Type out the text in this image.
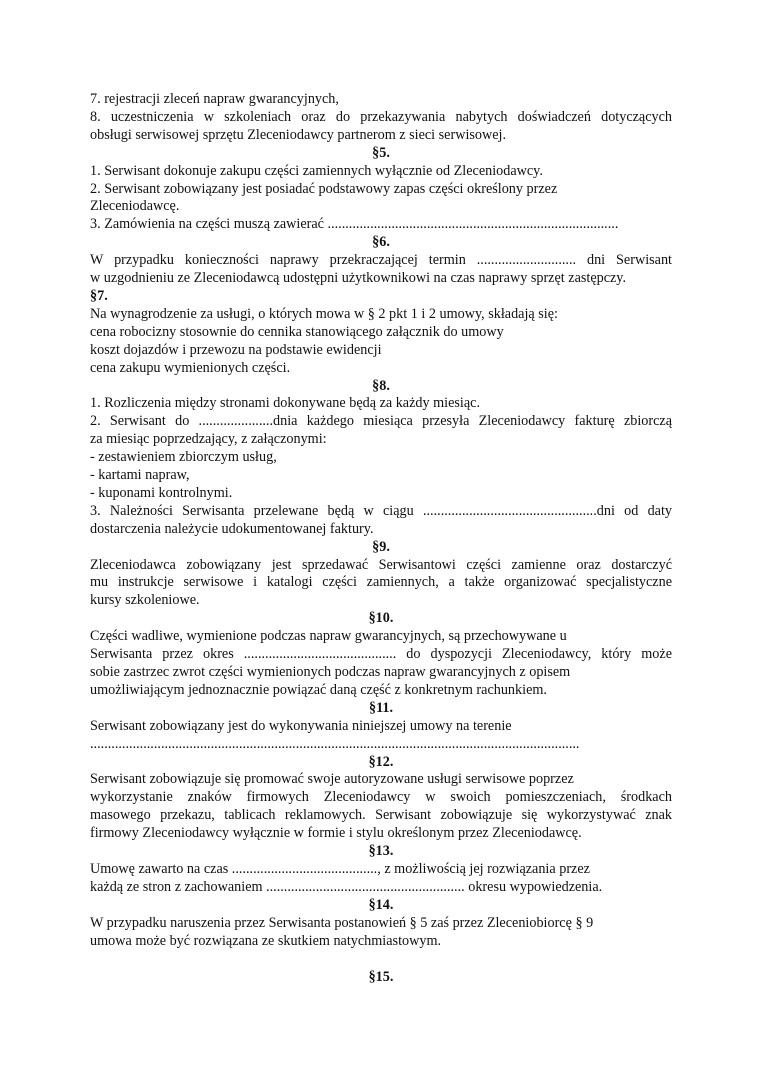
7. rejestracji zleceń napraw gwarancyjnych,
8. uczestniczenia w szkoleniach oraz do przekazywania nabytych doświadczeń dotyczących
obsługi serwisowej sprzętu Zleceniodawcy partnerom z sieci serwisowej.
§5.
1. Serwisant dokonuje zakupu części zamiennych wyłącznie od Zleceniodawcy.
2. Serwisant zobowiązany jest posiadać podstawowy zapas części określony przez
Zleceniodawcę.
3. Zamówienia na części muszą zawierać ..................................................................................
§6.
W przypadku konieczności naprawy przekraczającej termin ............................ dni Serwisant
w uzgodnieniu ze Zleceniodawcą udostępni użytkownikowi na czas naprawy sprzęt zastępczy.
§7.
Na wynagrodzenie za usługi, o których mowa w § 2 pkt 1 i 2 umowy, składają się:
cena robocizny stosownie do cennika stanowiącego załącznik do umowy
koszt dojazdów i przewozu na podstawie ewidencji
cena zakupu wymienionych części.
§8.
1. Rozliczenia między stronami dokonywane będą za każdy miesiąc.
2. Serwisant do .....................dnia każdego miesiąca przesyła Zleceniodawcy fakturę zbiorczą
za miesiąc poprzedzający, z załączonymi:
- zestawieniem zbiorczym usług,
- kartami napraw,
- kuponami kontrolnymi.
3. Należności Serwisanta przelewane będą w ciągu .................................................dni od daty
dostarczenia należycie udokumentowanej faktury.
§9.
Zleceniodawca zobowiązany jest sprzedawać Serwisantowi części zamienne oraz dostarczyć
mu instrukcje serwisowe i katalogi części zamiennych, a także organizować specjalistyczne
kursy szkoleniowe.
§10.
Części wadliwe, wymienione podczas napraw gwarancyjnych, są przechowywane u
Serwisanta przez okres ........................................... do dyspozycji Zleceniodawcy, który może
sobie zastrzec zwrot części wymienionych podczas napraw gwarancyjnych z opisem
umożliwiającym jednoznacznie powiązać daną część z konkretnym rachunkiem.
§11.
Serwisant zobowiązany jest do wykonywania niniejszej umowy na terenie
..........................................................................................................................................
§12.
Serwisant zobowiązuje się promować swoje autoryzowane usługi serwisowe poprzez
wykorzystanie znaków firmowych Zleceniodawcy w swoich pomieszczeniach, środkach
masowego przekazu, tablicach reklamowych. Serwisant zobowiązuje się wykorzystywać znak
firmowy Zleceniodawcy wyłącznie w formie i stylu określonym przez Zleceniodawcę.
§13.
Umowę zawarto na czas ........................................., z możliwością jej rozwiązania przez
każdą ze stron z zachowaniem ........................................................ okresu wypowiedzenia.
§14.
W przypadku naruszenia przez Serwisanta postanowień § 5 zaś przez Zleceniobiorcę § 9
umowa może być rozwiązana ze skutkiem natychmiastowym.
§15.
